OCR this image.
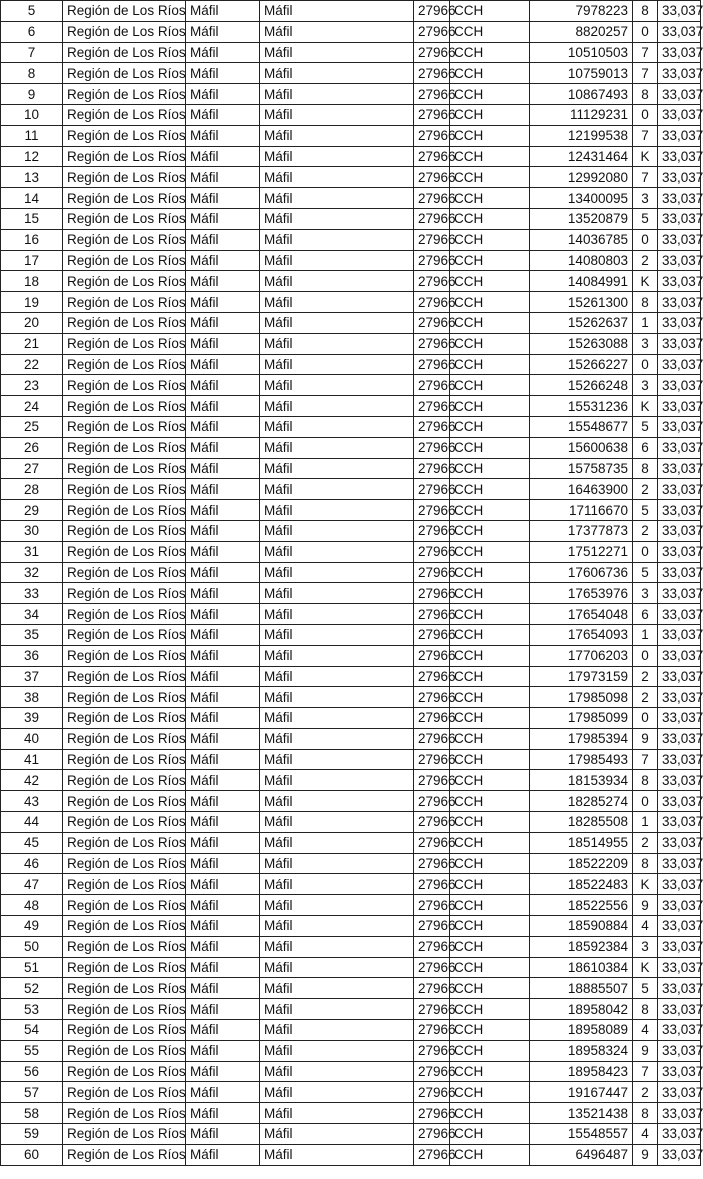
5	Región de Los Ríos	Máfil	Máfil	27966	CCH	7978223	8	33,037
6	Región de Los Ríos	Máfil	Máfil	27966	CCH	8820257	0	33,037
7	Región de Los Ríos	Máfil	Máfil	27966	CCH	10510503	7	33,037
8	Región de Los Ríos	Máfil	Máfil	27966	CCH	10759013	7	33,037
9	Región de Los Ríos	Máfil	Máfil	27966	CCH	10867493	8	33,037
10	Región de Los Ríos	Máfil	Máfil	27966	CCH	11129231	0	33,037
11	Región de Los Ríos	Máfil	Máfil	27966	CCH	12199538	7	33,037
12	Región de Los Ríos	Máfil	Máfil	27966	CCH	12431464	K	33,037
13	Región de Los Ríos	Máfil	Máfil	27966	CCH	12992080	7	33,037
14	Región de Los Ríos	Máfil	Máfil	27966	CCH	13400095	3	33,037
15	Región de Los Ríos	Máfil	Máfil	27966	CCH	13520879	5	33,037
16	Región de Los Ríos	Máfil	Máfil	27966	CCH	14036785	0	33,037
17	Región de Los Ríos	Máfil	Máfil	27966	CCH	14080803	2	33,037
18	Región de Los Ríos	Máfil	Máfil	27966	CCH	14084991	K	33,037
19	Región de Los Ríos	Máfil	Máfil	27966	CCH	15261300	8	33,037
20	Región de Los Ríos	Máfil	Máfil	27966	CCH	15262637	1	33,037
21	Región de Los Ríos	Máfil	Máfil	27966	CCH	15263088	3	33,037
22	Región de Los Ríos	Máfil	Máfil	27966	CCH	15266227	0	33,037
23	Región de Los Ríos	Máfil	Máfil	27966	CCH	15266248	3	33,037
24	Región de Los Ríos	Máfil	Máfil	27966	CCH	15531236	K	33,037
25	Región de Los Ríos	Máfil	Máfil	27966	CCH	15548677	5	33,037
26	Región de Los Ríos	Máfil	Máfil	27966	CCH	15600638	6	33,037
27	Región de Los Ríos	Máfil	Máfil	27966	CCH	15758735	8	33,037
28	Región de Los Ríos	Máfil	Máfil	27966	CCH	16463900	2	33,037
29	Región de Los Ríos	Máfil	Máfil	27966	CCH	17116670	5	33,037
30	Región de Los Ríos	Máfil	Máfil	27966	CCH	17377873	2	33,037
31	Región de Los Ríos	Máfil	Máfil	27966	CCH	17512271	0	33,037
32	Región de Los Ríos	Máfil	Máfil	27966	CCH	17606736	5	33,037
33	Región de Los Ríos	Máfil	Máfil	27966	CCH	17653976	3	33,037
34	Región de Los Ríos	Máfil	Máfil	27966	CCH	17654048	6	33,037
35	Región de Los Ríos	Máfil	Máfil	27966	CCH	17654093	1	33,037
36	Región de Los Ríos	Máfil	Máfil	27966	CCH	17706203	0	33,037
37	Región de Los Ríos	Máfil	Máfil	27966	CCH	17973159	2	33,037
38	Región de Los Ríos	Máfil	Máfil	27966	CCH	17985098	2	33,037
39	Región de Los Ríos	Máfil	Máfil	27966	CCH	17985099	0	33,037
40	Región de Los Ríos	Máfil	Máfil	27966	CCH	17985394	9	33,037
41	Región de Los Ríos	Máfil	Máfil	27966	CCH	17985493	7	33,037
42	Región de Los Ríos	Máfil	Máfil	27966	CCH	18153934	8	33,037
43	Región de Los Ríos	Máfil	Máfil	27966	CCH	18285274	0	33,037
44	Región de Los Ríos	Máfil	Máfil	27966	CCH	18285508	1	33,037
45	Región de Los Ríos	Máfil	Máfil	27966	CCH	18514955	2	33,037
46	Región de Los Ríos	Máfil	Máfil	27966	CCH	18522209	8	33,037
47	Región de Los Ríos	Máfil	Máfil	27966	CCH	18522483	K	33,037
48	Región de Los Ríos	Máfil	Máfil	27966	CCH	18522556	9	33,037
49	Región de Los Ríos	Máfil	Máfil	27966	CCH	18590884	4	33,037
50	Región de Los Ríos	Máfil	Máfil	27966	CCH	18592384	3	33,037
51	Región de Los Ríos	Máfil	Máfil	27966	CCH	18610384	K	33,037
52	Región de Los Ríos	Máfil	Máfil	27966	CCH	18885507	5	33,037
53	Región de Los Ríos	Máfil	Máfil	27966	CCH	18958042	8	33,037
54	Región de Los Ríos	Máfil	Máfil	27966	CCH	18958089	4	33,037
55	Región de Los Ríos	Máfil	Máfil	27966	CCH	18958324	9	33,037
56	Región de Los Ríos	Máfil	Máfil	27966	CCH	18958423	7	33,037
57	Región de Los Ríos	Máfil	Máfil	27966	CCH	19167447	2	33,037
58	Región de Los Ríos	Máfil	Máfil	27966	CCH	13521438	8	33,037
59	Región de Los Ríos	Máfil	Máfil	27966	CCH	15548557	4	33,037
60	Región de Los Ríos	Máfil	Máfil	27966	CCH	6496487	9	33,037
